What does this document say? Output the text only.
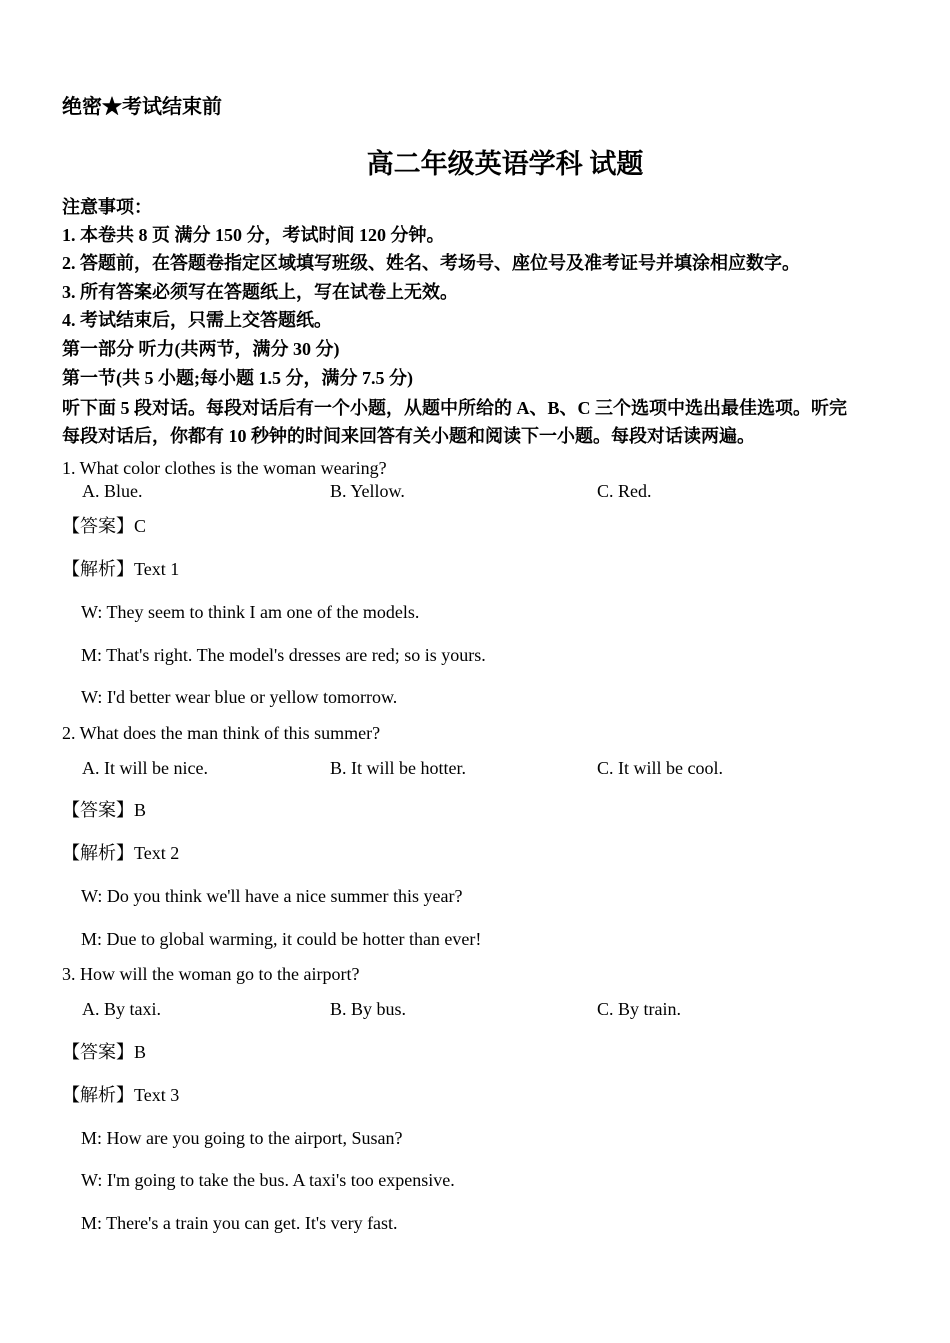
绝密★考试结束前
高二年级英语学科 试题
注意事项：
1. 本卷共 8 页 满分 150 分，考试时间 120 分钟。
2. 答题前，在答题卷指定区域填写班级、姓名、考场号、座位号及准考证号并填涂相应数字。
3. 所有答案必须写在答题纸上，写在试卷上无效。
4. 考试结束后，只需上交答题纸。
第一部分 听力(共两节，满分 30 分)
第一节(共 5 小题;每小题 1.5 分，满分 7.5 分)
听下面 5 段对话。每段对话后有一个小题，从题中所给的 A、B、C 三个选项中选出最佳选项。听完
每段对话后，你都有 10 秒钟的时间来回答有关小题和阅读下一小题。每段对话读两遍。
1. What color clothes is the woman wearing?
A. Blue.	B. Yellow.	C. Red.
【答案】C
【解析】Text 1
W: They seem to think I am one of the models.
M: That's right. The model's dresses are red; so is yours.
W: I'd better wear blue or yellow tomorrow.
2. What does the man think of this summer?
A. It will be nice.	B. It will be hotter.	C. It will be cool.
【答案】B
【解析】Text 2
W: Do you think we'll have a nice summer this year?
M: Due to global warming, it could be hotter than ever!
3. How will the woman go to the airport?
A. By taxi.	B. By bus.	C. By train.
【答案】B
【解析】Text 3
M: How are you going to the airport, Susan?
W: I'm going to take the bus. A taxi's too expensive.
M: There's a train you can get. It's very fast.
